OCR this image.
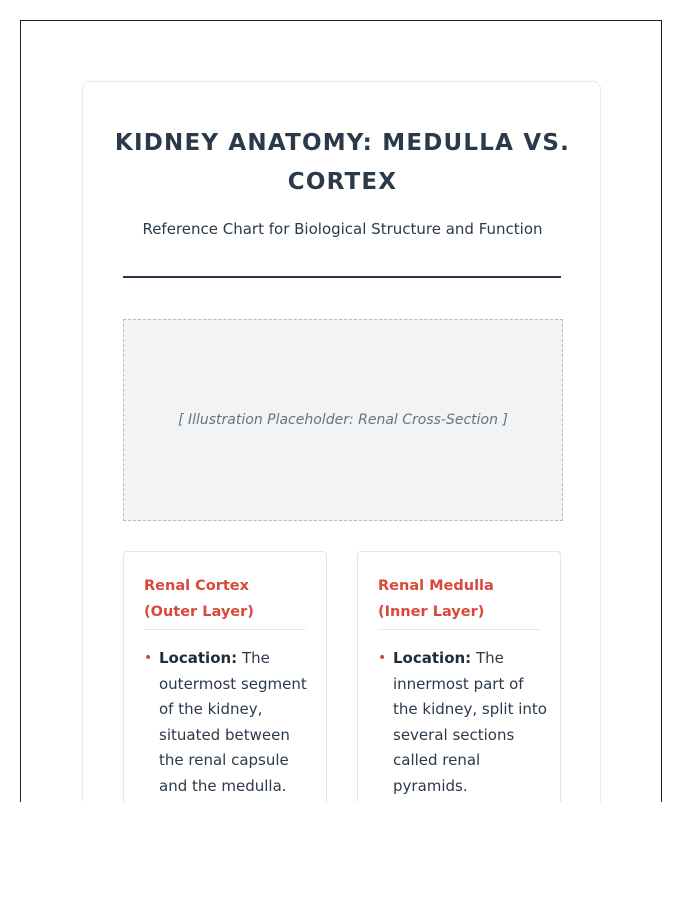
KIDNEY ANATOMY: MEDULLA VS. CORTEX
Reference Chart for Biological Structure and Function
[ Illustration Placeholder: Renal Cross-Section ]
Renal Cortex (Outer Layer)
• Location: The outermost segment of the kidney, situated between the renal capsule and the medulla.
Renal Medulla (Inner Layer)
• Location: The innermost part of the kidney, split into several sections called renal pyramids.
